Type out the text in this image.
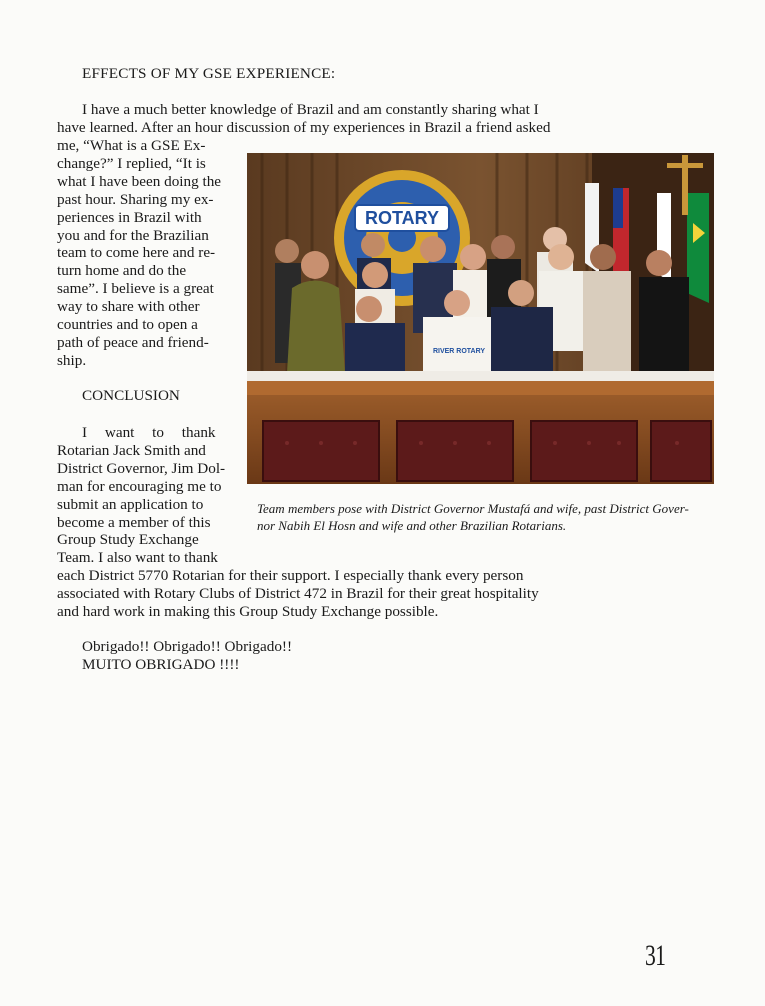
EFFECTS OF MY GSE EXPERIENCE:
I have a much better knowledge of Brazil and am constantly sharing what I
have learned. After an hour discussion of my experiences in Brazil a friend asked
me, “What is a GSE Ex-
change?” I replied, “It is
what I have been doing the
past hour. Sharing my ex-
periences in Brazil with
you and for the Brazilian
team to come here and re-
turn home and do the
same”. I believe is a great
way to share with other
countries and to open a
path of peace and friend-
ship.
CONCLUSION
I want to thank
Rotarian Jack Smith and
District Governor, Jim Dol-
man for encouraging me to
submit an application to
become a member of this
Group Study Exchange
Team. I also want to thank
each District 5770 Rotarian for their support. I especially thank every person
associated with Rotary Clubs of District 472 in Brazil for their great hospitality
and hard work in making this Group Study Exchange possible.
Obrigado!! Obrigado!! Obrigado!!
MUITO OBRIGADO !!!!
ROTARY
RIVER ROTARY
Team members pose with District Governor Mustafá and wife, past District Gover-
nor Nabih El Hosn and wife and other Brazilian Rotarians.
31
